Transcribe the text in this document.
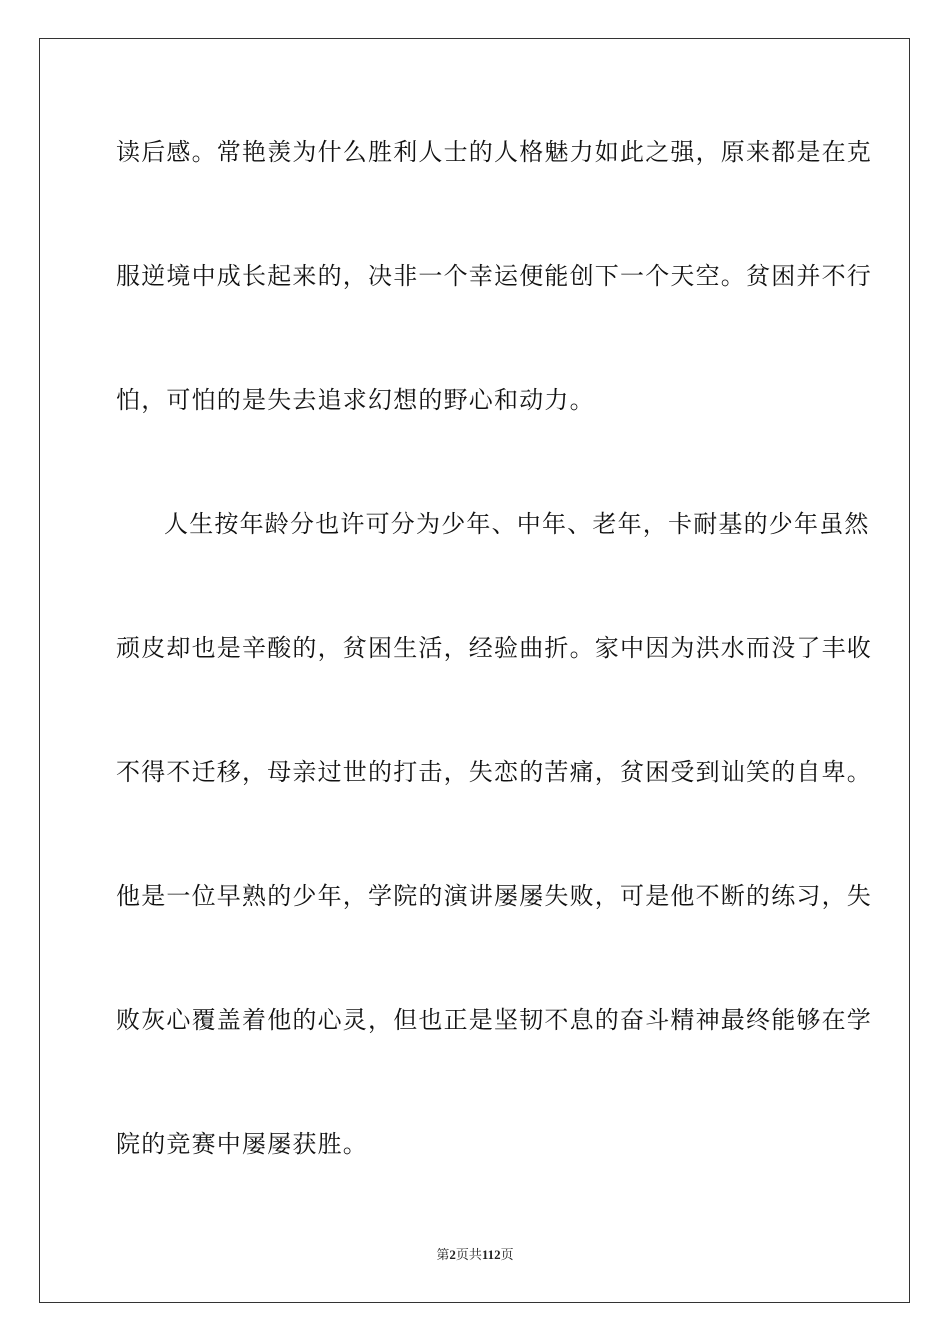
读后感。常艳羡为什么胜利人士的人格魅力如此之强，原来都是在克
服逆境中成长起来的，决非一个幸运便能创下一个天空。贫困并不行
怕，可怕的是失去追求幻想的野心和动力。
人生按年龄分也许可分为少年、中年、老年，卡耐基的少年虽然
顽皮却也是辛酸的，贫困生活，经验曲折。家中因为洪水而没了丰收
不得不迁移，母亲过世的打击，失恋的苦痛，贫困受到讪笑的自卑。
他是一位早熟的少年，学院的演讲屡屡失败，可是他不断的练习，失
败灰心覆盖着他的心灵，但也正是坚韧不息的奋斗精神最终能够在学
院的竞赛中屡屡获胜。
第2页共112页
